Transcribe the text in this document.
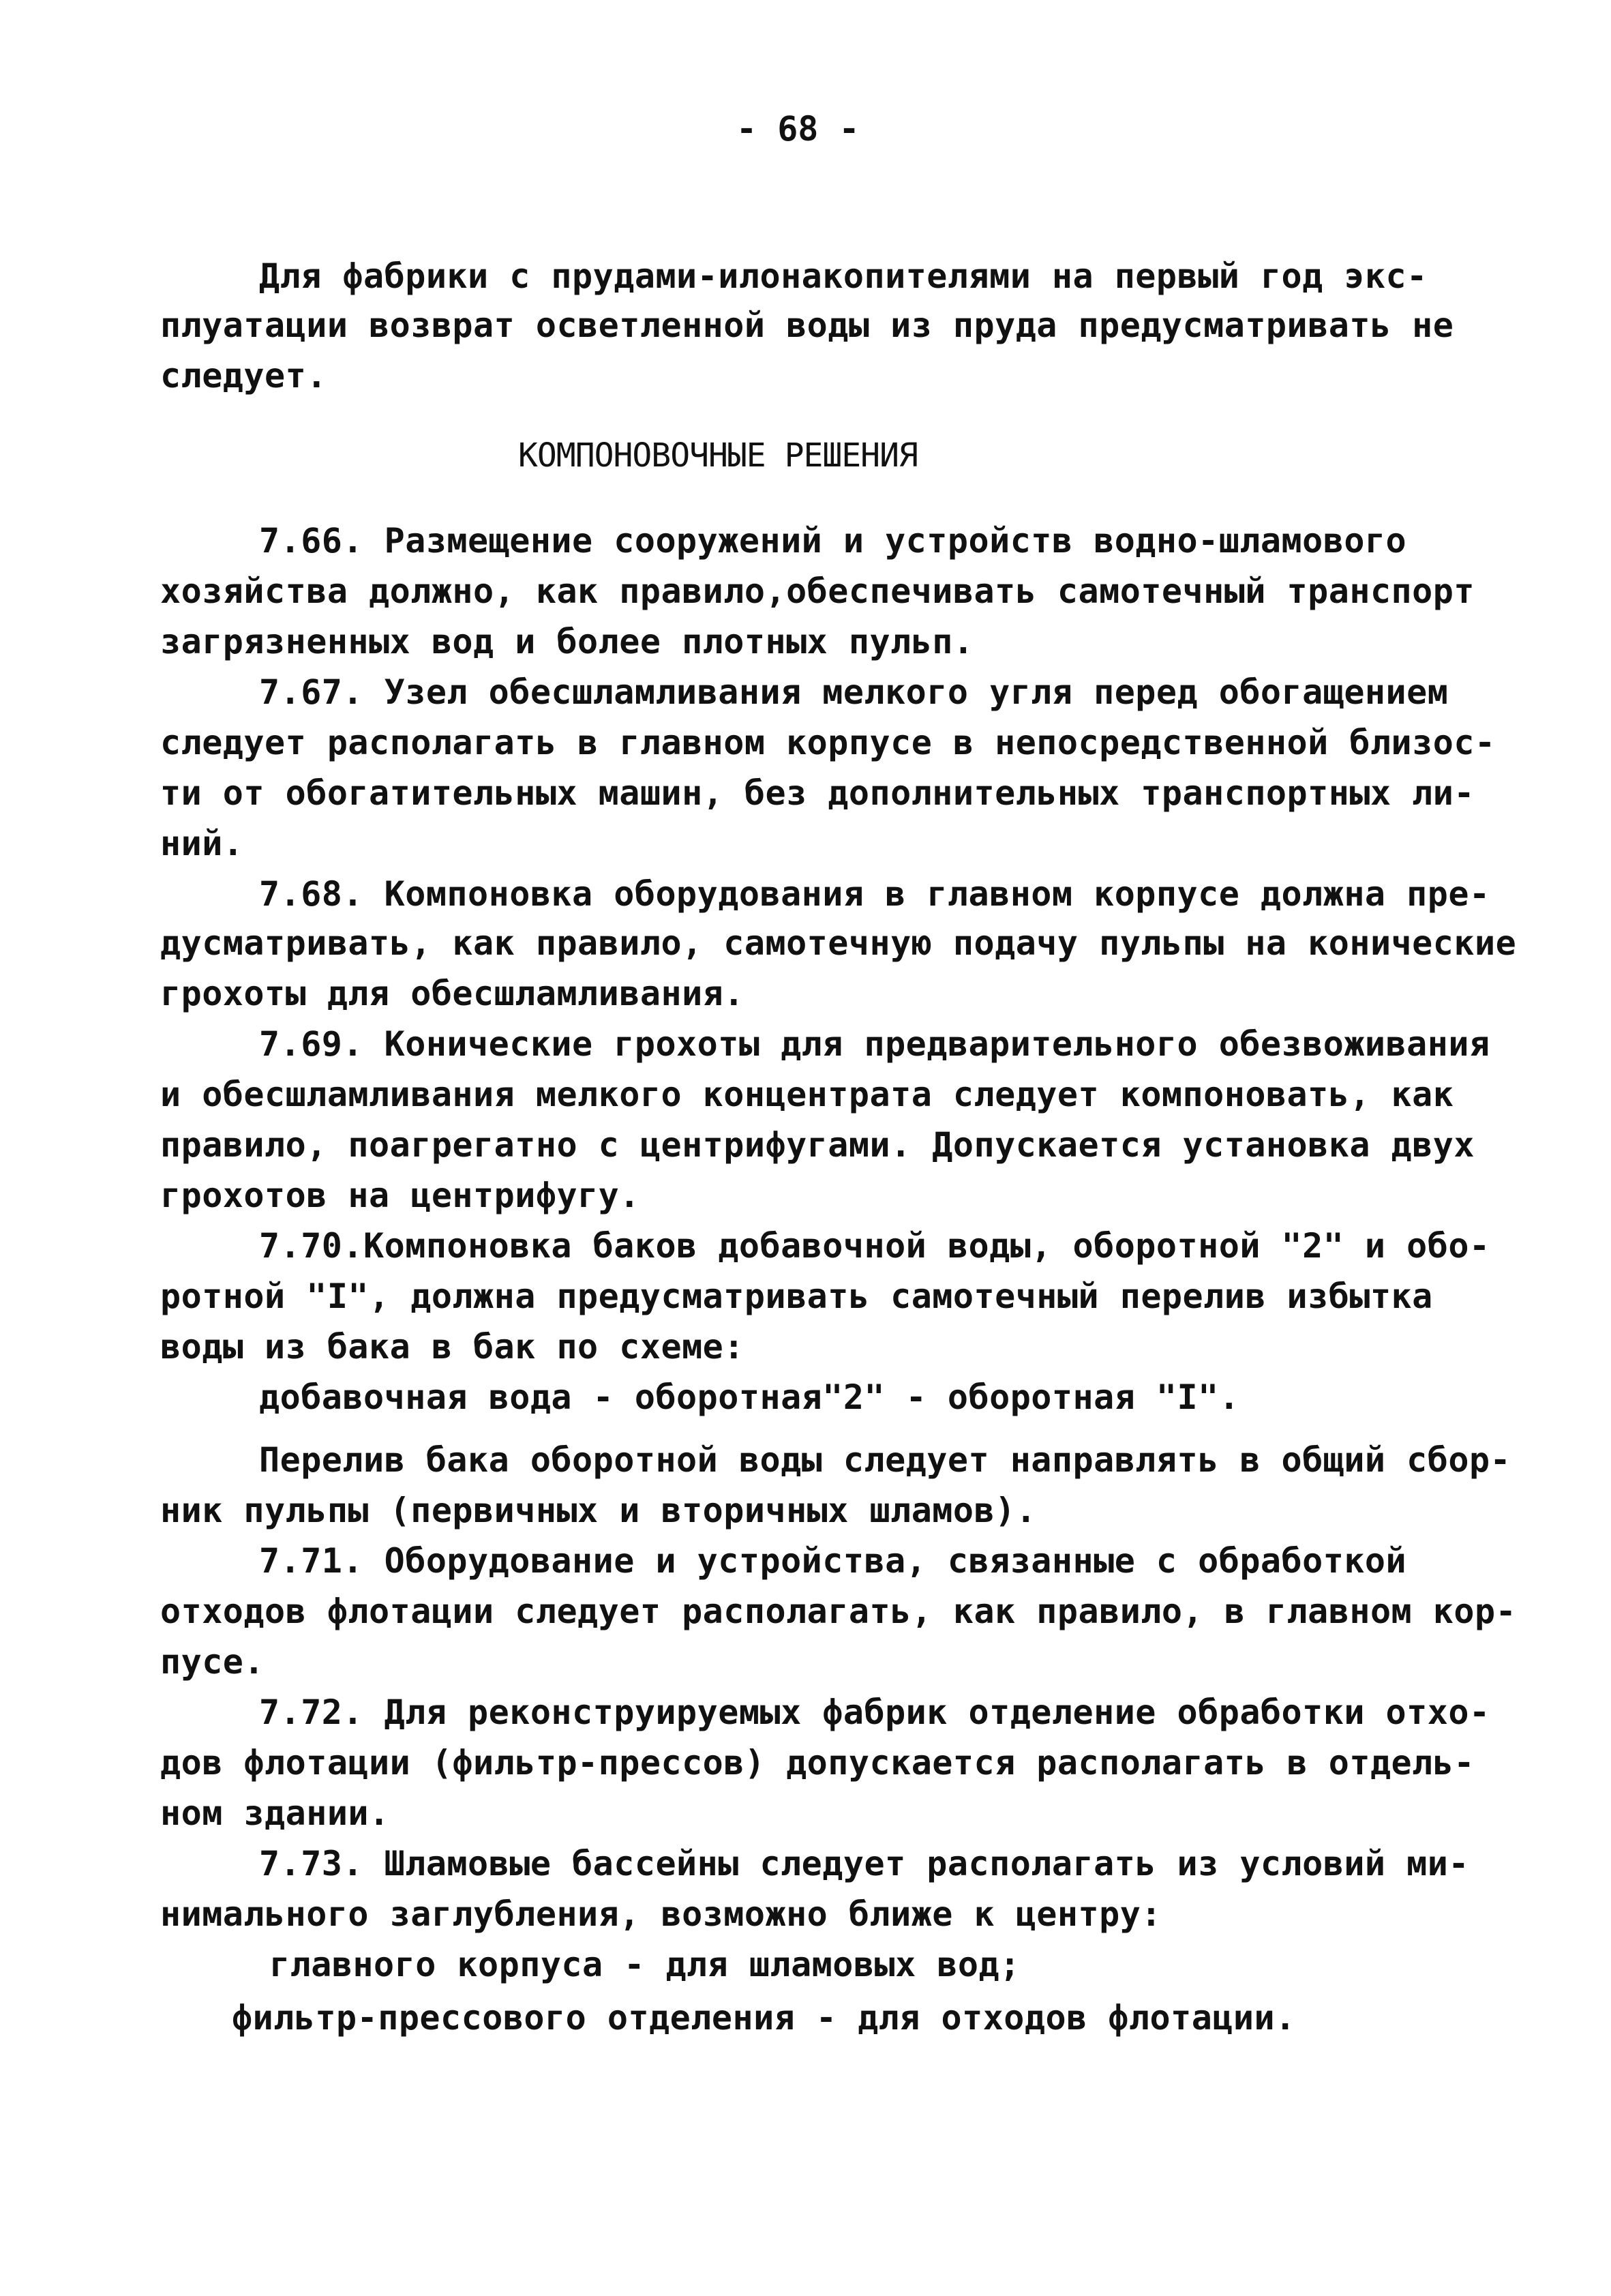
- 68 -
Для фабрики с прудами-илонакопителями на первый год экс-
плуатации возврат осветленной воды из пруда предусматривать не
следует.
КОМПОНОВОЧНЫЕ РЕШЕНИЯ
7.66. Размещение сооружений и устройств водно-шламового
хозяйства должно, как правило,обеспечивать самотечный транспорт
загрязненных вод и более плотных пульп.
7.67. Узел обесшламливания мелкого угля перед обогащением
следует располагать в главном корпусе в непосредственной близос-
ти от обогатительных машин, без дополнительных транспортных ли-
ний.
7.68. Компоновка оборудования в главном корпусе должна пре-
дусматривать, как правило, самотечную подачу пульпы на конические
грохоты для обесшламливания.
7.69. Конические грохоты для предварительного обезвоживания
и обесшламливания мелкого концентрата следует компоновать, как
правило, поагрегатно с центрифугами. Допускается установка двух
грохотов на центрифугу.
7.70.Компоновка баков добавочной воды, оборотной "2" и обо-
ротной "I", должна предусматривать самотечный перелив избытка
воды из бака в бак по схеме:
добавочная вода - оборотная"2" - оборотная "I".
Перелив бака оборотной воды следует направлять в общий сбор-
ник пульпы (первичных и вторичных шламов).
7.71. Оборудование и устройства, связанные с обработкой
отходов флотации следует располагать, как правило, в главном кор-
пусе.
7.72. Для реконструируемых фабрик отделение обработки отхо-
дов флотации (фильтр-прессов) допускается располагать в отдель-
ном здании.
7.73. Шламовые бассейны следует располагать из условий ми-
нимального заглубления, возможно ближе к центру:
главного корпуса - для шламовых вод;
фильтр-прессового отделения - для отходов флотации.
